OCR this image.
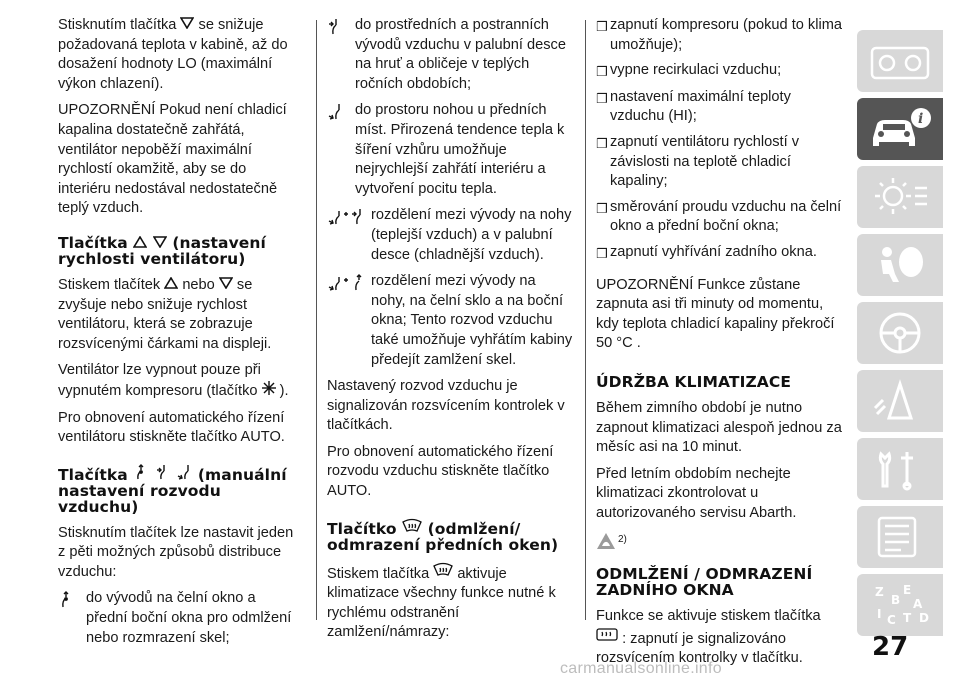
Stisknutím tlačítka se snižuje požadovaná teplota v kabině, až do dosažení hodnoty LO (maximální výkon chlazení).

UPOZORNĚNÍ Pokud není chladicí kapalina dostatečně zahřátá, ventilátor nepoběží maximální rychlostí okamžitě, aby se do interiéru nedostával nedostatečně teplý vzduch.

Tlačítka	(nastavení rychlosti ventilátoru)

Stiskem tlačítek nebo se zvyšuje nebo snižuje rychlost ventilátoru, která se zobrazuje rozsvícenými čárkami na displeji.

Ventilátor lze vypnout pouze při vypnutém kompresoru (tlačítko ).

Pro obnovení automatického řízení ventilátoru stiskněte tlačítko AUTO.

Tlačítka	(manuální nastavení rozvodu vzduchu)

Stisknutím tlačítek lze nastavit jeden z pěti možných způsobů distribuce vzduchu:

do vývodů na čelní okno a přední boční okna pro odmlžení nebo rozmrazení skel;
do prostředních a postranních vývodů vzduchu v palubní desce na hruť a obličeje v teplých ročních obdobích;
do prostoru nohou u předních míst. Přirozená tendence tepla k šíření vzhůru umožňuje nejrychlejší zahřátí interiéru a vytvoření pocitu tepla.
rozdělení mezi vývody na nohy (teplejší vzduch) a v palubní desce (chladnější vzduch).
rozdělení mezi vývody na nohy, na čelní sklo a na boční okna; Tento rozvod vzduchu také umožňuje vyhřátím kabiny předejít zamlžení skel.

Nastavený rozvod vzduchu je signalizován rozsvícením kontrolek v tlačítkách.

Pro obnovení automatického řízení rozvodu vzduchu stiskněte tlačítko AUTO.

Tlačítko (odmlžení/ odmrazení předních oken)

Stiskem tlačítka aktivuje klimatizace všechny funkce nutné k rychlému odstranění zamlžení/námrazy:

❒ zapnutí kompresoru (pokud to klima umožňuje);
❒ vypne recirkulaci vzduchu;
❒ nastavení maximální teploty vzduchu (HI);
❒ zapnutí ventilátoru rychlostí v závislosti na teplotě chladicí kapaliny;
❒ směrování proudu vzduchu na čelní okno a přední boční okna;
❒ zapnutí vyhřívání zadního okna.

UPOZORNĚNÍ Funkce zůstane zapnuta asi tři minuty od momentu, kdy teplota chladicí kapaliny překročí 50 °C .

ÚDRŽBA KLIMATIZACE

Během zimního období je nutno zapnout klimatizaci alespoň jednou za měsíc asi na 10 minut.

Před letním obdobím nechejte klimatizaci zkontrolovat u autorizovaného servisu Abarth.

2)
ODMLŽENÍ / ODMRAZENÍ ZADNÍHO OKNA

Funkce se aktivuje stiskem tlačítka  : zapnutí je signalizováno rozsvícením kontrolky v tlačítku.

i
Z E
B A
I C T D
27
carmanualsonline.info
